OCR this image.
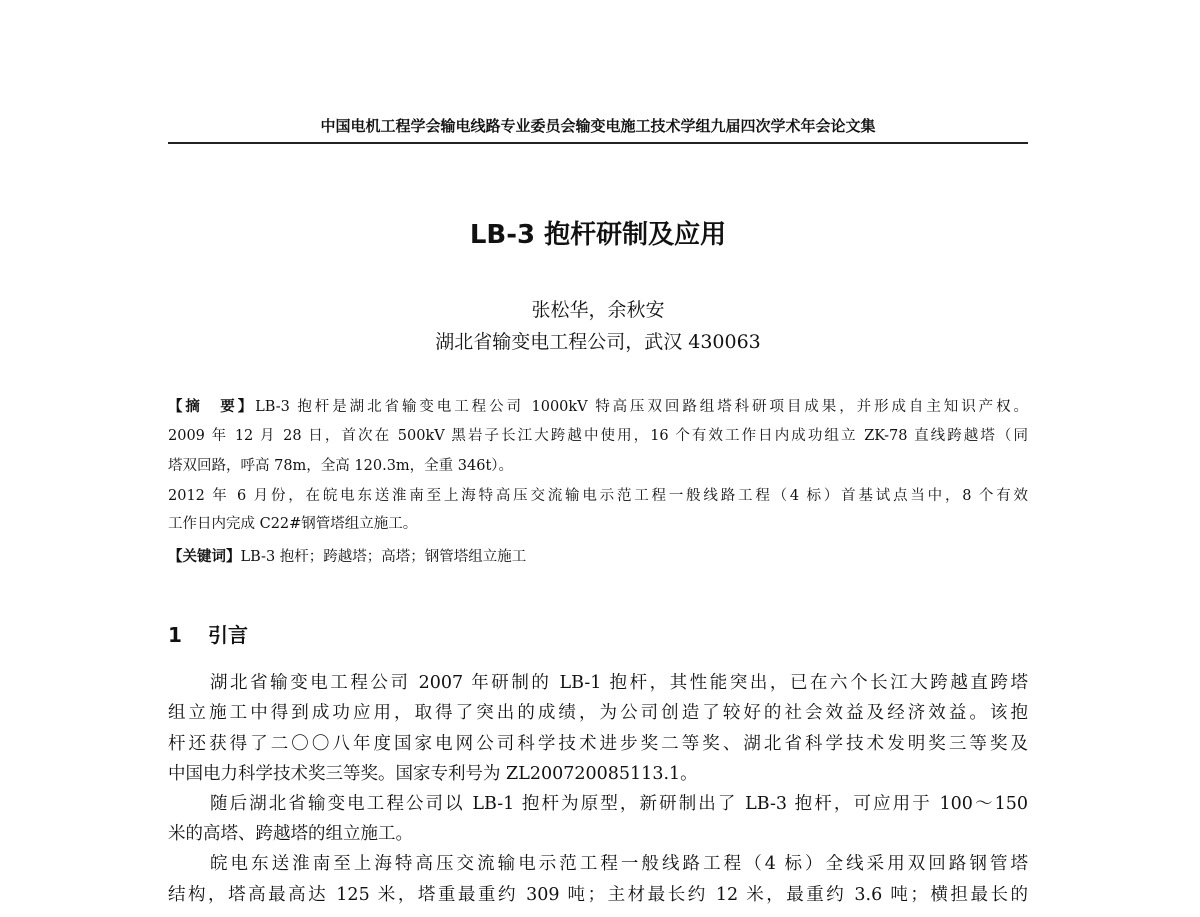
中国电机工程学会输电线路专业委员会输变电施工技术学组九届四次学术年会论文集
LB-3 抱杆研制及应用
张松华，余秋安
湖北省输变电工程公司，武汉 430063
【摘　要】LB-3 抱杆是湖北省输变电工程公司 1000kV 特高压双回路组塔科研项目成果，并形成自主知识产权。
2009 年 12 月 28 日，首次在 500kV 黑岩子长江大跨越中使用，16 个有效工作日内成功组立 ZK-78 直线跨越塔（同
塔双回路，呼高 78m，全高 120.3m，全重 346t）。
2012 年 6 月份，在皖电东送淮南至上海特高压交流输电示范工程一般线路工程（4 标）首基试点当中，8 个有效
工作日内完成 C22#钢管塔组立施工。
【关键词】LB-3 抱杆；跨越塔；高塔；钢管塔组立施工
1 引言
湖北省输变电工程公司 2007 年研制的 LB-1 抱杆，其性能突出，已在六个长江大跨越直跨塔
组立施工中得到成功应用，取得了突出的成绩，为公司创造了较好的社会效益及经济效益。该抱
杆还获得了二〇〇八年度国家电网公司科学技术进步奖二等奖、湖北省科学技术发明奖三等奖及
中国电力科学技术奖三等奖。国家专利号为 ZL200720085113.1。
随后湖北省输变电工程公司以 LB-1 抱杆为原型，新研制出了 LB-3 抱杆，可应用于 100～150
米的高塔、跨越塔的组立施工。
皖电东送淮南至上海特高压交流输电示范工程一般线路工程（4 标）全线采用双回路钢管塔
结构，塔高最高达 125 米，塔重最重约 309 吨；主材最长约 12 米，最重约 3.6 吨；横担最长的
